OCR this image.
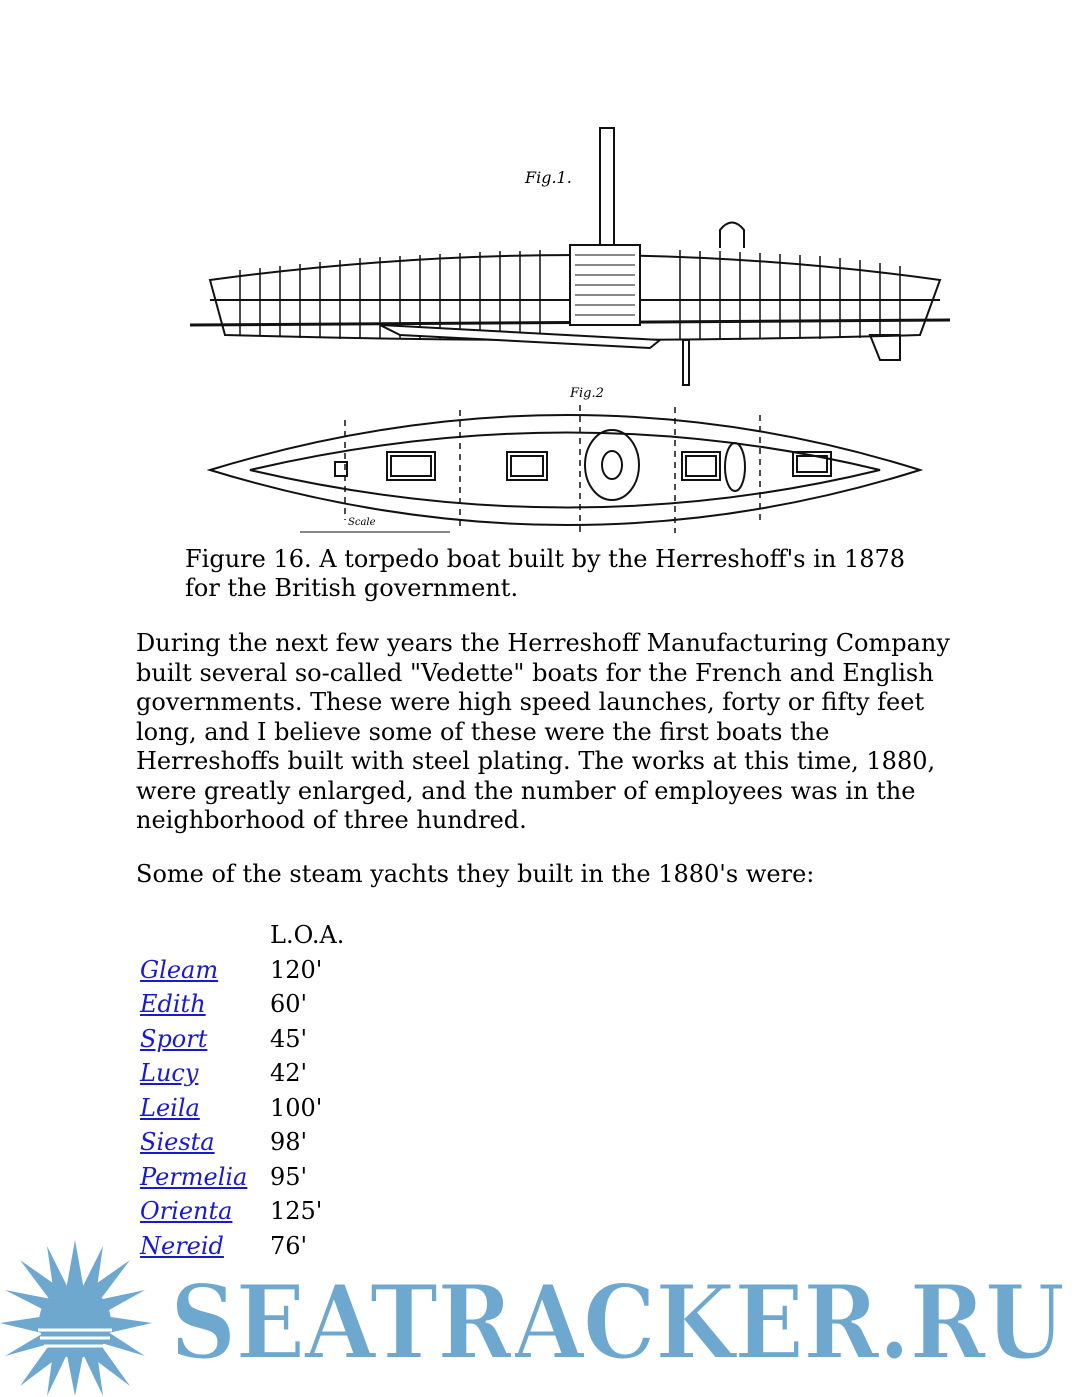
Fig.1.
Fig.2
Scale

Figure 16. A torpedo boat built by the Herreshoff's in 1878 for the British government.

During the next few years the Herreshoff Manufacturing Company built several so-called "Vedette" boats for the French and English governments. These were high speed launches, forty or fifty feet long, and I believe some of these were the first boats the Herreshoffs built with steel plating. The works at this time, 1880, were greatly enlarged, and the number of employees was in the neighborhood of three hundred.

Some of the steam yachts they built in the 1880's were:

	L.O.A.
Gleam	120'
Edith	60'
Sport	45'
Lucy	42'
Leila	100'
Siesta	98'
Permelia	95'
Orienta	125'
Nereid	76'
SEATRACKER.RU
